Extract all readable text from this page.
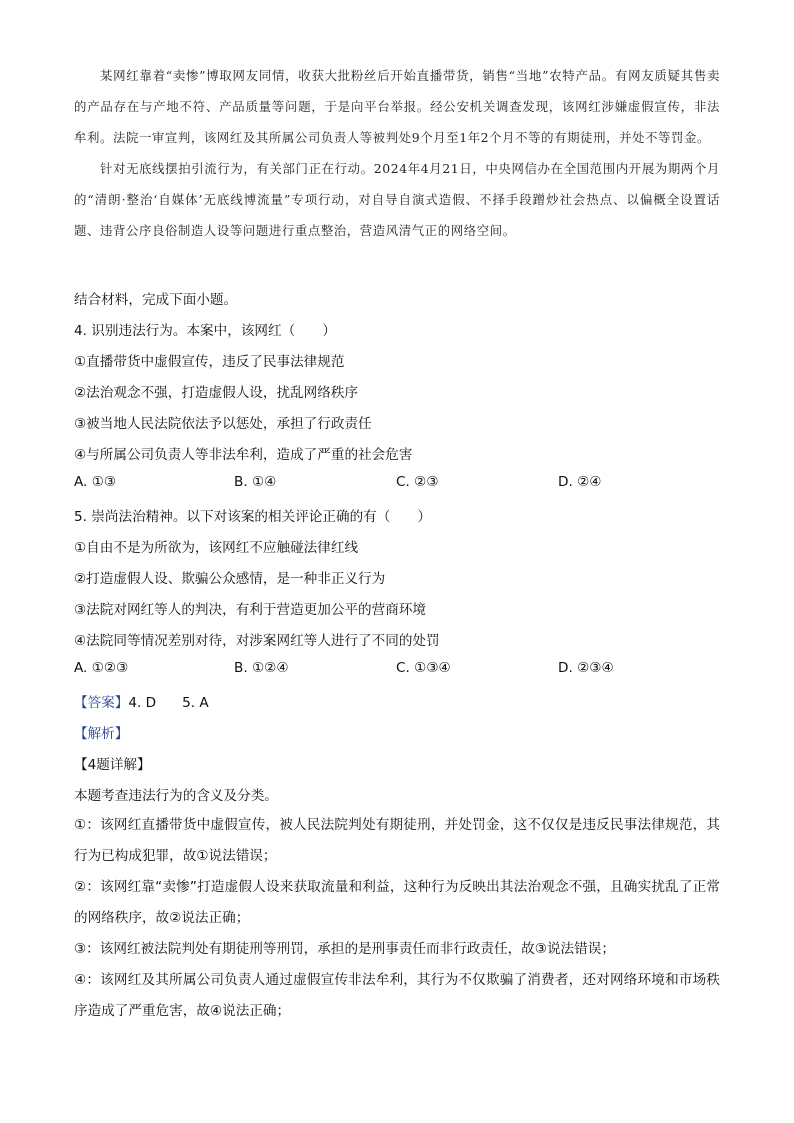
某网红靠着“卖惨”博取网友同情，收获大批粉丝后开始直播带货，销售“当地”农特产品。有网友质疑其售卖的产品存在与产地不符、产品质量等问题，于是向平台举报。经公安机关调查发现，该网红涉嫌虚假宣传，非法牟利。法院一审宣判，该网红及其所属公司负责人等被判处9个月至1年2个月不等的有期徒刑，并处不等罚金。

针对无底线摆拍引流行为，有关部门正在行动。2024年4月21日，中央网信办在全国范围内开展为期两个月的“清朗·整治‘自媒体’无底线博流量”专项行动，对自导自演式造假、不择手段蹭炒社会热点、以偏概全设置话题、违背公序良俗制造人设等问题进行重点整治，营造风清气正的网络空间。

结合材料，完成下面小题。
4. 识别违法行为。本案中，该网红（　　）
①直播带货中虚假宣传，违反了民事法律规范
②法治观念不强，打造虚假人设，扰乱网络秩序
③被当地人民法院依法予以惩处，承担了行政责任
④与所属公司负责人等非法牟利，造成了严重的社会危害
A. ①③	B. ①④	C. ②③	D. ②④
5. 崇尚法治精神。以下对该案的相关评论正确的有（　　）
①自由不是为所欲为，该网红不应触碰法律红线
②打造虚假人设、欺骗公众感情，是一种非正义行为
③法院对网红等人的判决，有利于营造更加公平的营商环境
④法院同等情况差别对待，对涉案网红等人进行了不同的处罚
A. ①②③	B. ①②④	C. ①③④	D. ②③④
【答案】4. D 5. A
【解析】
【4题详解】
本题考查违法行为的含义及分类。
①：该网红直播带货中虚假宣传，被人民法院判处有期徒刑，并处罚金，这不仅仅是违反民事法律规范，其行为已构成犯罪，故①说法错误；
②：该网红靠“卖惨”打造虚假人设来获取流量和利益，这种行为反映出其法治观念不强，且确实扰乱了正常的网络秩序，故②说法正确；
③：该网红被法院判处有期徒刑等刑罚，承担的是刑事责任而非行政责任，故③说法错误；
④：该网红及其所属公司负责人通过虚假宣传非法牟利，其行为不仅欺骗了消费者，还对网络环境和市场秩序造成了严重危害，故④说法正确；
